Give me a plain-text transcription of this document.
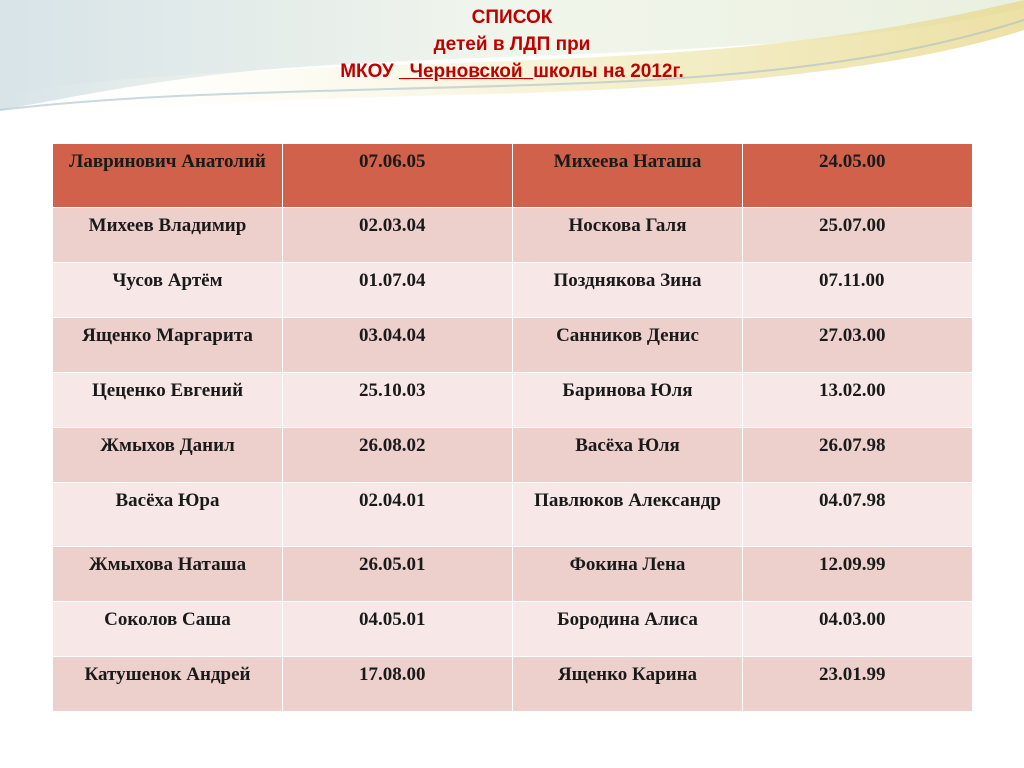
СПИСОК
детей в ЛДП при
МКОУ _Черновской_школы на 2012г.
Лавринович Анатолий	07.06.05	Михеева Наташа	24.05.00
Михеев Владимир	02.03.04	Носкова Галя	25.07.00
Чусов Артём	01.07.04	Позднякова Зина	07.11.00
Ященко Маргарита	03.04.04	Санников Денис	27.03.00
Цеценко Евгений	25.10.03	Баринова Юля	13.02.00
Жмыхов Данил	26.08.02	Васёха Юля	26.07.98
Васёха Юра	02.04.01	Павлюков Александр	04.07.98
Жмыхова Наташа	26.05.01	Фокина Лена	12.09.99
Соколов Саша	04.05.01	Бородина Алиса	04.03.00
Катушенок Андрей	17.08.00	Ященко Карина	23.01.99
